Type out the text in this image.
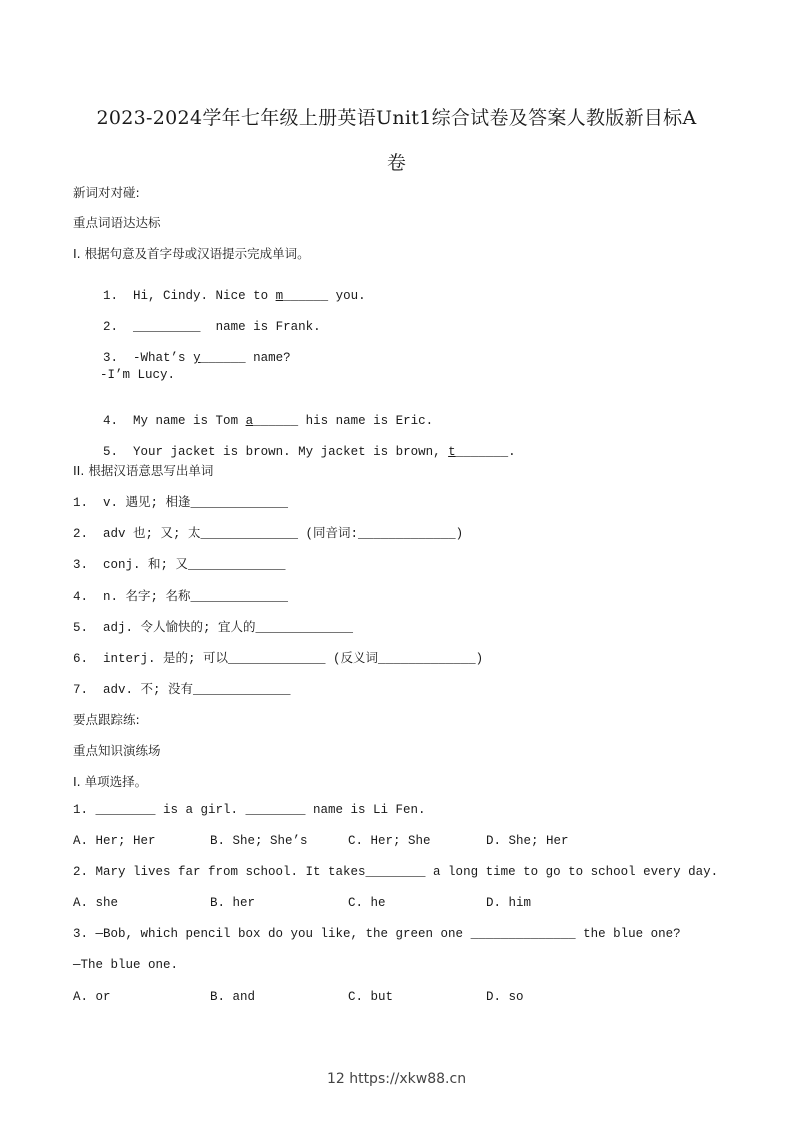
2023-2024学年七年级上册英语Unit1综合试卷及答案人教版新目标A
卷
新词对对碰:
重点词语达达标
I. 根据句意及首字母或汉语提示完成单词。

1. Hi, Cindy. Nice to m______ you.

2. _________  name is Frank.

3. -What’s y______ name?

-I’m Lucy.

4. My name is Tom a______ his name is Eric.

5. Your jacket is brown. My jacket is brown, t_______.

II. 根据汉语意思写出单词
1. v. 遇见; 相逢_____________
2. adv 也; 又; 太_____________ (同音词:_____________)
3. conj. 和; 又_____________
4. n. 名字; 名称_____________
5. adj. 令人愉快的; 宜人的_____________
6. interj. 是的; 可以_____________ (反义词_____________)
7. adv. 不; 没有_____________
要点跟踪练:
重点知识演练场
I. 单项选择。
1. ________ is a girl. ________ name is Li Fen.
A. Her; Her	B. She; She’s	C. Her; She	D. She; Her
2. Mary lives far from school. It takes________ a long time to go to school every day.
A. she	B. her	C. he	D. him
3. —Bob, which pencil box do you like, the green one ______________ the blue one?
—The blue one.
A. or	B. and	C. but	D. so
12 https://xkw88.cn
